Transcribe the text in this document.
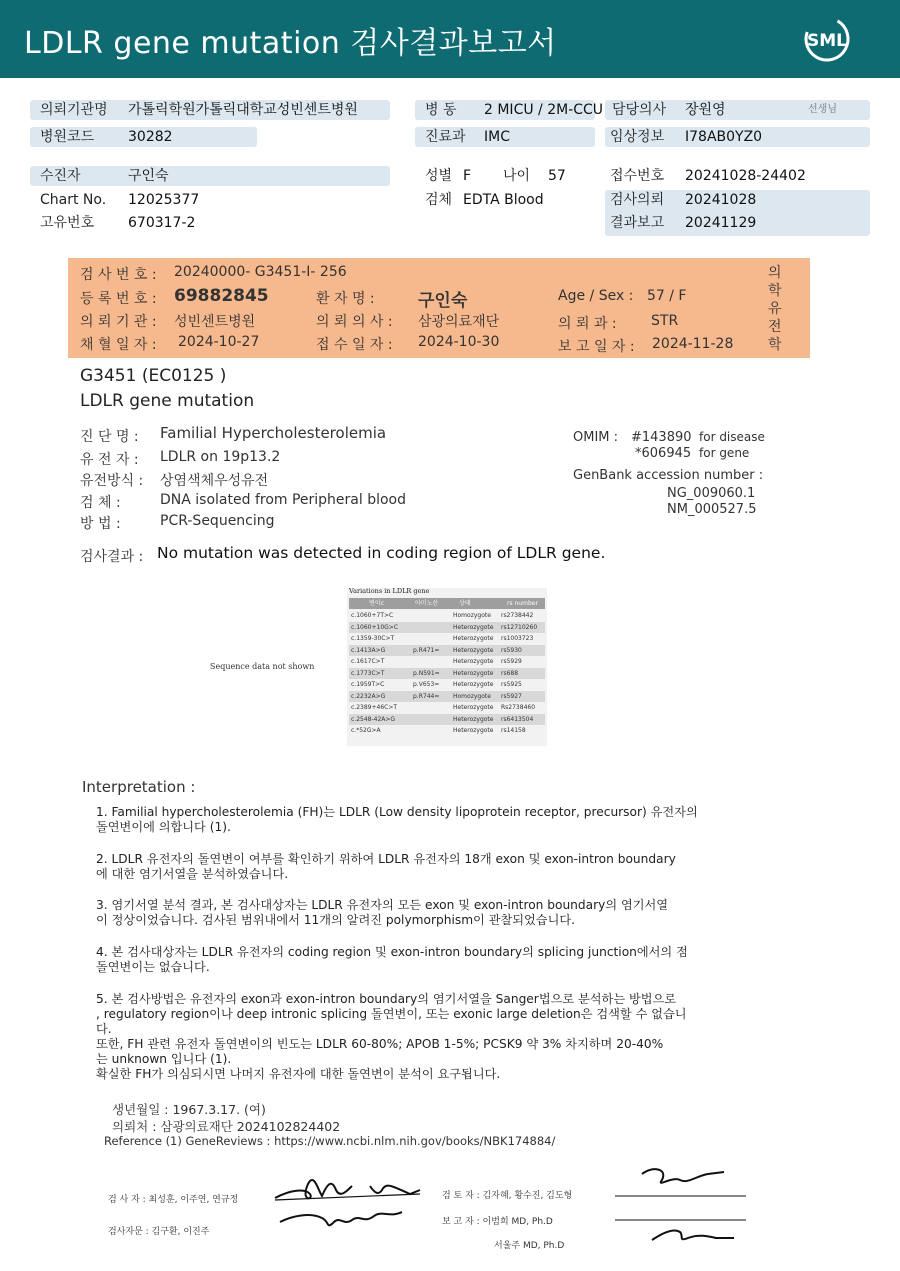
LDLR gene mutation 검사결과보고서	SML
의뢰기관명 가톨릭학원가톨릭대학교성빈센트병원	병 동 2 MICU / 2M-CCU 담당의사 장원영	선생님
병원코드 30282	진료과 IMC	임상정보 I78AB0YZ0
수진자	구인숙	성별 F 나이 57	접수번호 20241028-24402
Chart No. 12025377	검체 EDTA Blood	검사의뢰 20241028
고유번호 670317-2	결과보고 20241129
검 사 번 호 : 20240000- G3451-I- 256
등 록 번 호 : 69882845	환 자 명 :	구인숙	Age / Sex : 57 / F
의 뢰 기 관 : 성빈센트병원	의 뢰 의 사 : 삼광의료재단	의 뢰 과 : STR
채 혈 일 자 : 2024-10-27	접 수 일 자 : 2024-10-30	보 고 일 자 : 2024-11-28
의
학
유
전
학
G3451 (EC0125 )
LDLR gene mutation
진 단 명 : Familial Hypercholesterolemia
유 전 자 : LDLR on 19p13.2
유전방식 : 상염색체우성유전
검 체 :	DNA isolated from Peripheral blood
방 법 :	PCR-Sequencing
OMIM : #143890 for disease
*606945 for gene
GenBank accession number :
NG_009060.1
NM_000527.5
검사결과 : No mutation was detected in coding region of LDLR gene.
Sequence data not shown
Variations in LDLR gene
변이c	아미노산	상태	rs number
c.1060+7T>C	Homozygote rs2738442
c.1060+10G>C	Heterozygote rs12710260
c.1359-30C>T	Heterozygote rs1003723
c.1413A>G	p.R471= Heterozygote rs5930
c.1617C>T	Heterozygote rs5929
c.1773C>T	p.N591= Heterozygote rs688
c.1959T>C	p.V653= Heterozygote rs5925
c.2232A>G	p.R744= Homozygote rs5927
c.2389+46C>T	Heterozygote Rs2738460
c.2548-42A>G	Heterozygote rs6413504
c.*52G>A	Heterozygote rs14158
Interpretation :
1. Familial hypercholesterolemia (FH)는 LDLR (Low density lipoprotein receptor, precursor) 유전자의
돌연변이에 의합니다 (1).
2. LDLR 유전자의 돌연변이 여부를 확인하기 위하여 LDLR 유전자의 18개 exon 및 exon-intron boundary
에 대한 염기서열을 분석하였습니다.
3. 염기서열 분석 결과, 본 검사대상자는 LDLR 유전자의 모든 exon 및 exon-intron boundary의 염기서열
이 정상이었습니다. 검사된 범위내에서 11개의 알려진 polymorphism이 관찰되었습니다.
4. 본 검사대상자는 LDLR 유전자의 coding region 및 exon-intron boundary의 splicing junction에서의 점
돌연변이는 없습니다.
5. 본 검사방법은 유전자의 exon과 exon-intron boundary의 염기서열을 Sanger법으로 분석하는 방법으로
, regulatory region이나 deep intronic splicing 돌연변이, 또는 exonic large deletion은 검색할 수 없습니
다.
또한, FH 관련 유전자 돌연변이의 빈도는 LDLR 60-80%; APOB 1-5%; PCSK9 약 3% 차지하며 20-40%
는 unknown 입니다 (1).
확실한 FH가 의심되시면 나머지 유전자에 대한 돌연변이 분석이 요구됩니다.
생년월일 : 1967.3.17. (여)
의뢰처 : 삼광의료재단 2024102824402
Reference (1) GeneReviews : https://www.ncbi.nlm.nih.gov/books/NBK174884/
검 사 자 : 최성훈, 이주연, 연규정
검사자문 : 김구환, 이진주
검 토 자 : 김자혜, 황수진, 김도형
보 고 자 : 이범희 MD, Ph.D
서울주 MD, Ph.D
